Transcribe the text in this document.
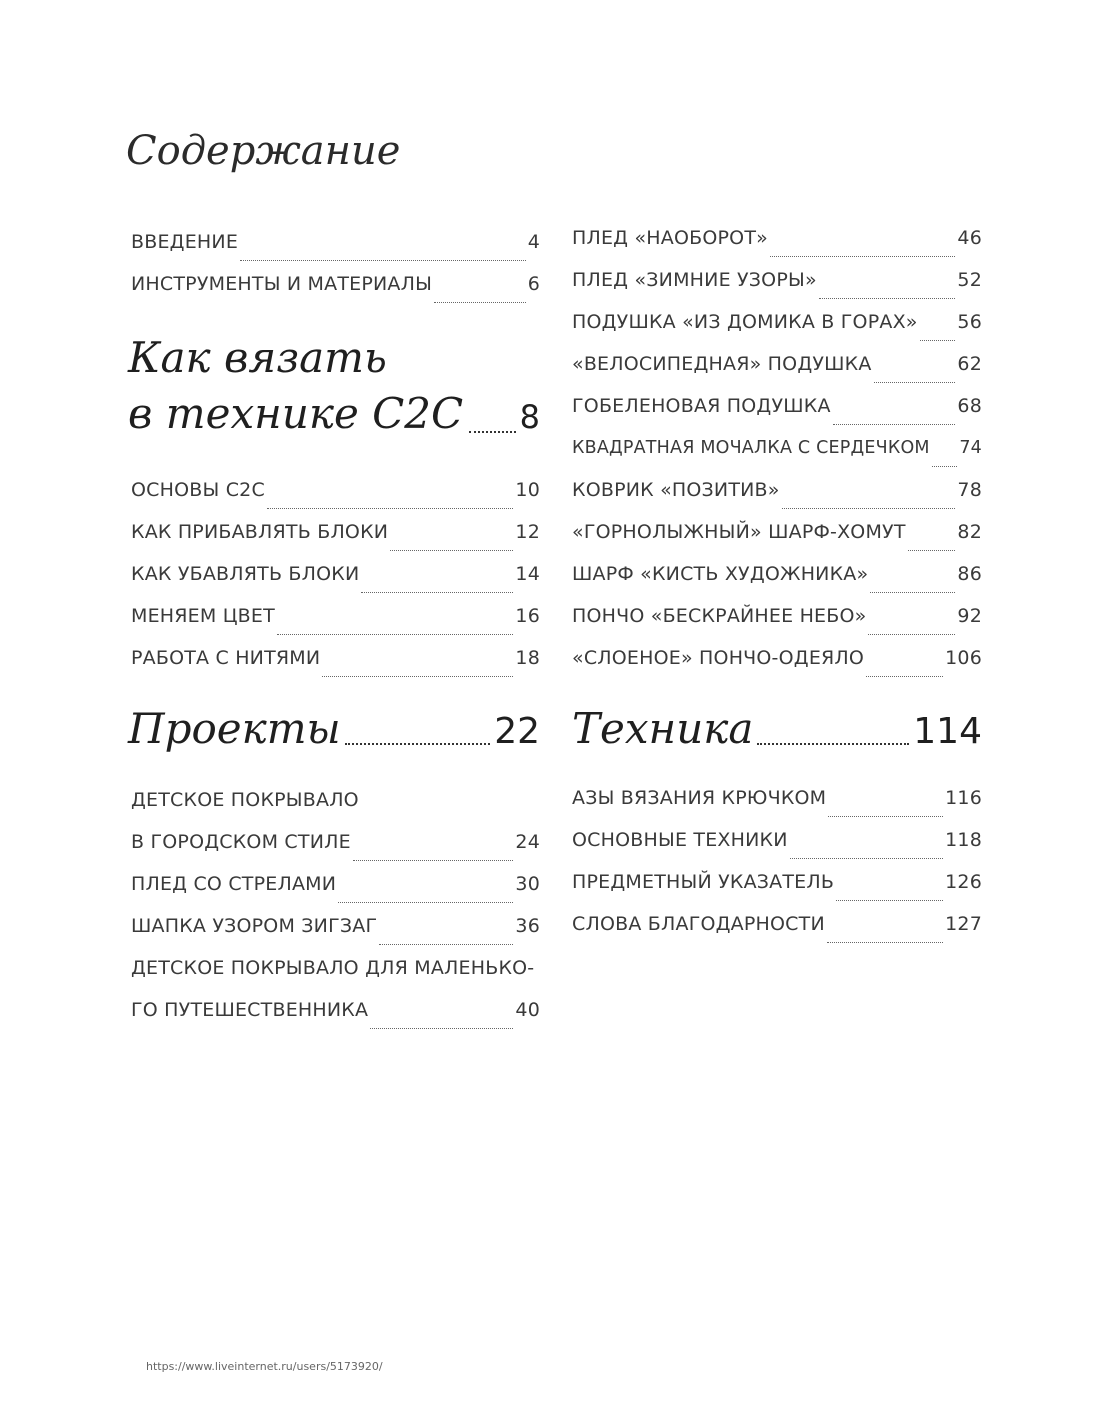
Содержание
ВВЕДЕНИЕ	4
ИНСТРУМЕНТЫ И МАТЕРИАЛЫ	6
Как вязать
в технике C2C 8
ОСНОВЫ C2C	10
КАК ПРИБАВЛЯТЬ БЛОКИ	12
КАК УБАВЛЯТЬ БЛОКИ	14
МЕНЯЕМ ЦВЕТ	16
РАБОТА С НИТЯМИ	18
Проекты	22
ДЕТСКОЕ ПОКРЫВАЛО
В ГОРОДСКОМ СТИЛЕ	24
ПЛЕД СО СТРЕЛАМИ	30
ШАПКА УЗОРОМ ЗИГЗАГ	36
ДЕТСКОЕ ПОКРЫВАЛО ДЛЯ МАЛЕНЬКО-
ГО ПУТЕШЕСТВЕННИКА	40
ПЛЕД «НАОБОРОТ»	46
ПЛЕД «ЗИМНИЕ УЗОРЫ»	52
ПОДУШКА «ИЗ ДОМИКА В ГОРАХ» 56
«ВЕЛОСИПЕДНАЯ» ПОДУШКА	62
ГОБЕЛЕНОВАЯ ПОДУШКА	68
КВАДРАТНАЯ МОЧАЛКА С СЕРДЕЧКОМ 74
КОВРИК «ПОЗИТИВ»	78
«ГОРНОЛЫЖНЫЙ» ШАРФ-ХОМУТ	82
ШАРФ «КИСТЬ ХУДОЖНИКА»	86
ПОНЧО «БЕСКРАЙНЕЕ НЕБО»	92
«СЛОЕНОЕ» ПОНЧО-ОДЕЯЛО	106
Техника	114
АЗЫ ВЯЗАНИЯ КРЮЧКОМ	116
ОСНОВНЫЕ ТЕХНИКИ	118
ПРЕДМЕТНЫЙ УКАЗАТЕЛЬ	126
СЛОВА БЛАГОДАРНОСТИ	127
https://www.liveinternet.ru/users/5173920/
